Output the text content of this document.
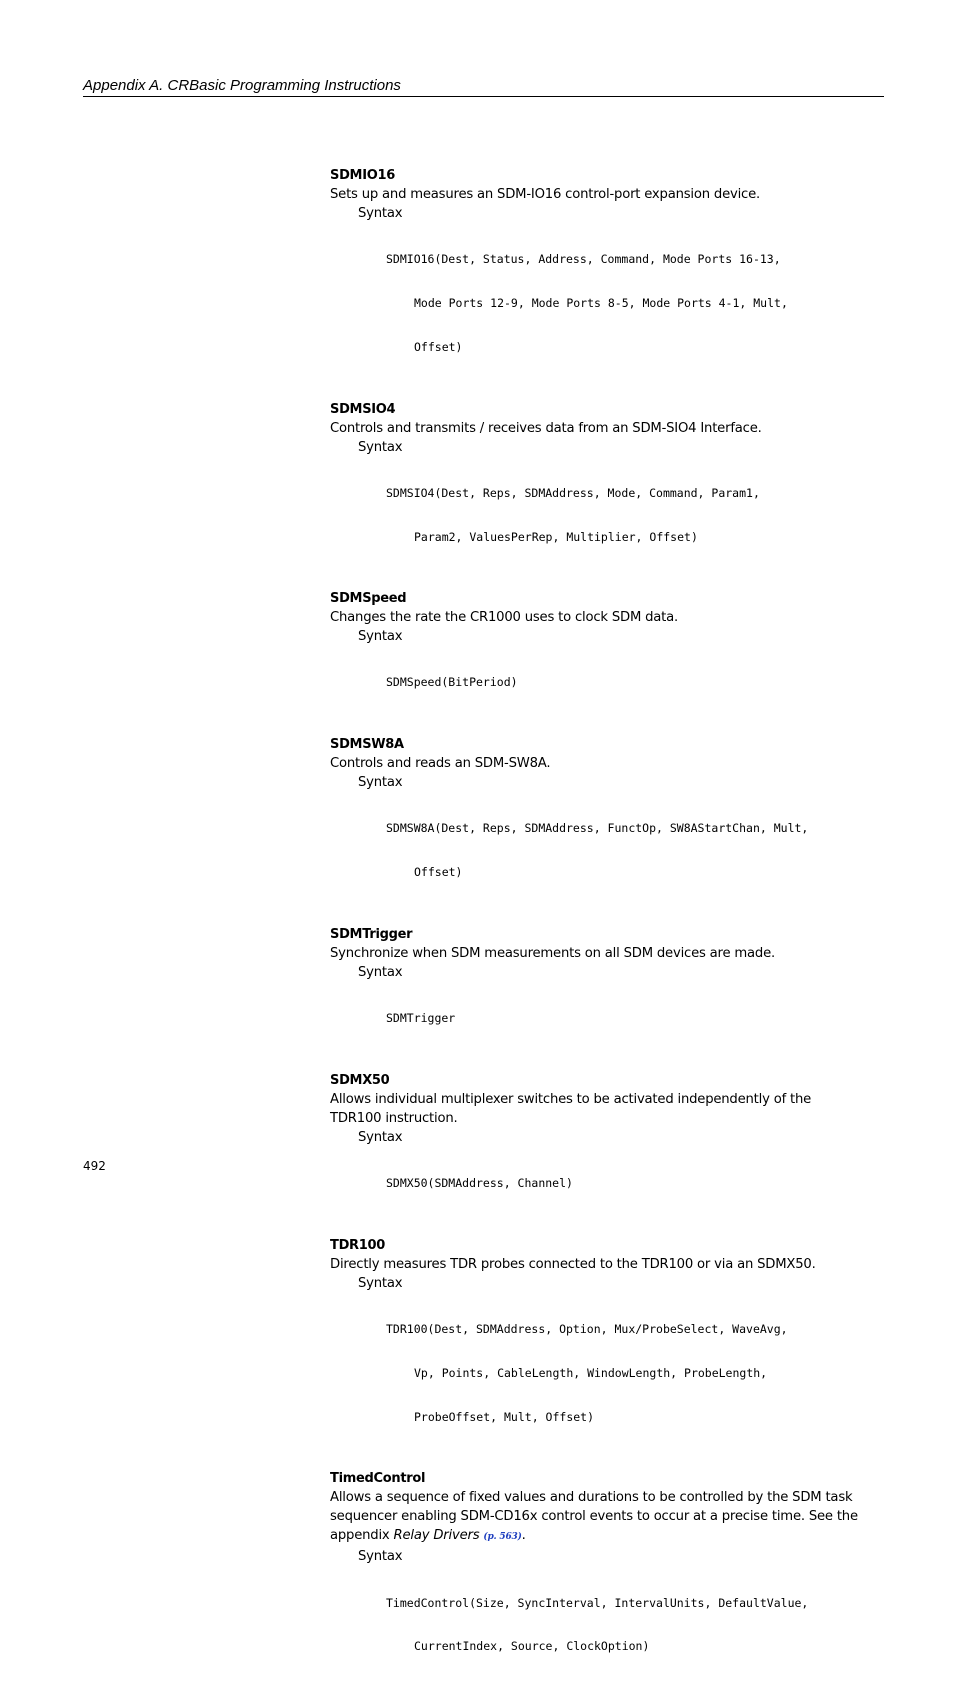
Appendix A. CRBasic Programming Instructions
SDMIO16
Sets up and measures an SDM-IO16 control-port expansion device.
Syntax

SDMIO16(Dest, Status, Address, Command, Mode Ports 16-13,

Mode Ports 12-9, Mode Ports 8-5, Mode Ports 4-1, Mult,

Offset)

SDMSIO4
Controls and transmits / receives data from an SDM-SIO4 Interface.
Syntax

SDMSIO4(Dest, Reps, SDMAddress, Mode, Command, Param1,

Param2, ValuesPerRep, Multiplier, Offset)

SDMSpeed
Changes the rate the CR1000 uses to clock SDM data.
Syntax

SDMSpeed(BitPeriod)

SDMSW8A
Controls and reads an SDM-SW8A.
Syntax

SDMSW8A(Dest, Reps, SDMAddress, FunctOp, SW8AStartChan, Mult,

Offset)

SDMTrigger
Synchronize when SDM measurements on all SDM devices are made.
Syntax

SDMTrigger

SDMX50
Allows individual multiplexer switches to be activated independently of the TDR100 instruction.
Syntax

SDMX50(SDMAddress, Channel)

TDR100
Directly measures TDR probes connected to the TDR100 or via an SDMX50.
Syntax

TDR100(Dest, SDMAddress, Option, Mux/ProbeSelect, WaveAvg,

Vp, Points, CableLength, WindowLength, ProbeLength,

ProbeOffset, Mult, Offset)

TimedControl
Allows a sequence of fixed values and durations to be controlled by the SDM task sequencer enabling SDM-CD16x control events to occur at a precise time. See the appendix Relay Drivers (p. 563).
Syntax

TimedControl(Size, SyncInterval, IntervalUnits, DefaultValue,

CurrentIndex, Source, ClockOption)

492
